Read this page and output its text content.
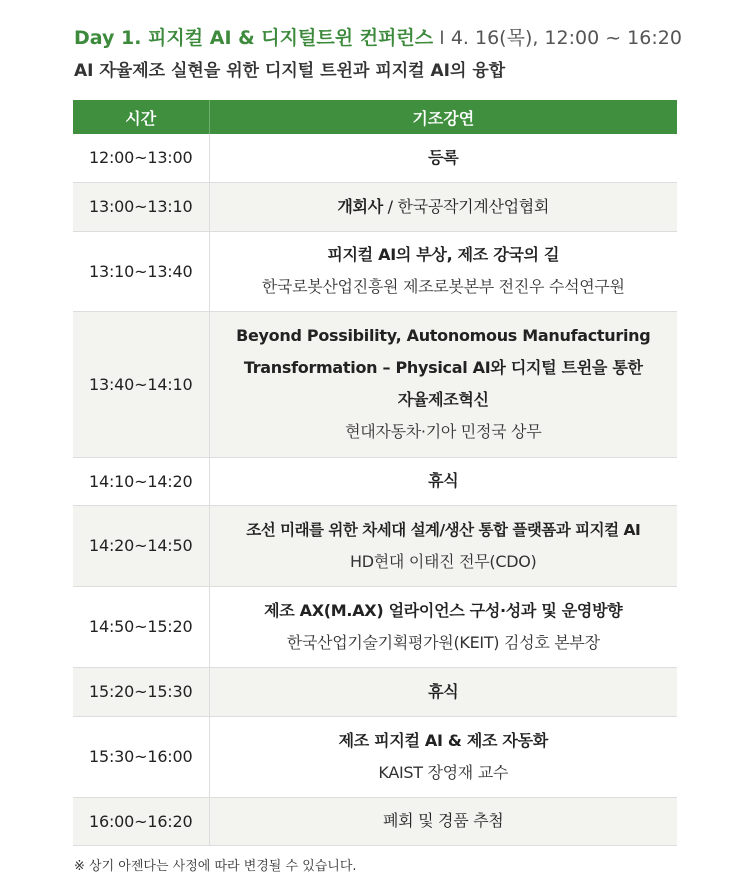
Day 1. 피지컬 AI & 디지털트윈 컨퍼런스 I 4. 16(목), 12:00 ~ 16:20
AI 자율제조 실현을 위한 디지털 트윈과 피지컬 AI의 융합
시간	기조강연
12:00~13:00	등록

13:00~13:10	개회사 / 한국공작기계산업협회

13:10~13:40	피지컬 AI의 부상, 제조 강국의 길
한국로봇산업진흥원 제조로봇본부 전진우 수석연구원

13:40~14:10	Beyond Possibility, Autonomous Manufacturing
Transformation – Physical AI와 디지털 트윈을 통한
자율제조혁신
현대자동차·기아 민정국 상무

14:10~14:20	휴식

14:20~14:50	조선 미래를 위한 차세대 설계/생산 통합 플랫폼과 피지컬 AI
HD현대 이태진 전무(CDO)

14:50~15:20	제조 AX(M.AX) 얼라이언스 구성·성과 및 운영방향
한국산업기술기획평가원(KEIT) 김성호 본부장

15:20~15:30	휴식

15:30~16:00	제조 피지컬 AI & 제조 자동화
KAIST 장영재 교수

16:00~16:20	폐회 및 경품 추첨
※ 상기 아젠다는 사정에 따라 변경될 수 있습니다.
